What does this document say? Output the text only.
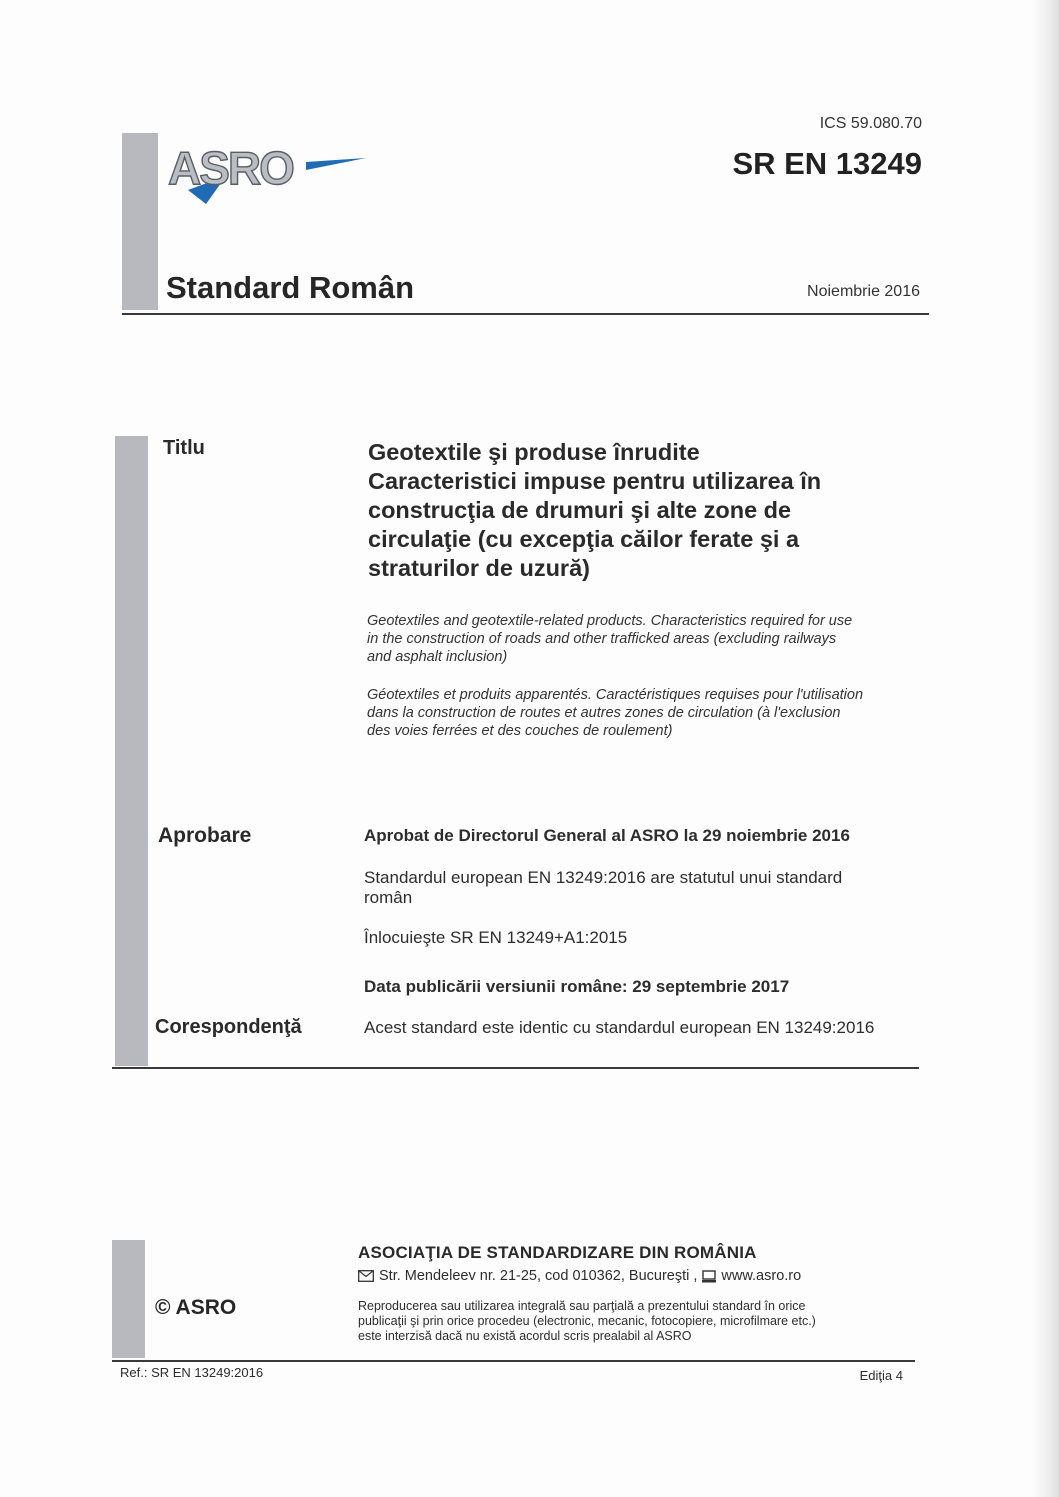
ASRO
ICS 59.080.70
SR EN 13249
Standard Român	Noiembrie 2016
Titlu	Geotextile şi produse înrudite
Caracteristici impuse pentru utilizarea în
construcţia de drumuri şi alte zone de
circulaţie (cu excepţia căilor ferate şi a
straturilor de uzură)
Geotextiles and geotextile-related products. Characteristics required for use
in the construction of roads and other trafficked areas (excluding railways
and asphalt inclusion)
Géotextiles et produits apparentés. Caractéristiques requises pour l'utilisation
dans la construction de routes et autres zones de circulation (à l'exclusion
des voies ferrées et des couches de roulement)
Aprobare	Aprobat de Directorul General al ASRO la 29 noiembrie 2016
Standardul european EN 13249:2016 are statutul unui standard
român
Înlocuieşte SR EN 13249+A1:2015
Data publicării versiunii române: 29 septembrie 2017
Corespondenţă	Acest standard este identic cu standardul european EN 13249:2016
ASOCIAŢIA DE STANDARDIZARE DIN ROMÂNIA
Str. Mendeleev nr. 21-25, cod 010362, Bucureşti , www.asro.ro
Reproducerea sau utilizarea integrală sau parţială a prezentului standard în orice
publicaţii şi prin orice procedeu (electronic, mecanic, fotocopiere, microfilmare etc.)
este interzisă dacă nu există acordul scris prealabil al ASRO
© ASRO
Ref.: SR EN 13249:2016	Ediţia 4
